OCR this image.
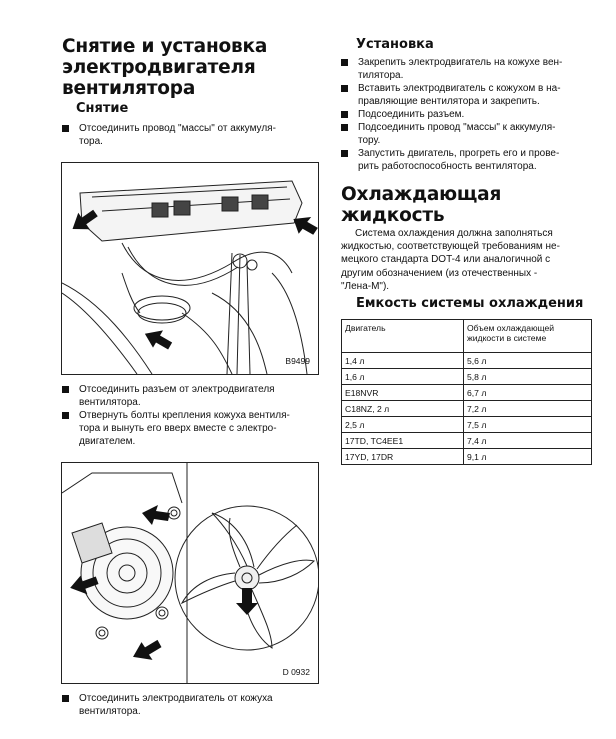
Снятие и установка
электродвигателя
вентилятора
Снятие
Отсоединить провод "массы" от аккумуля-
тора.
B9499
Отсоединить разъем от электродвигателя
вентилятора.
Отвернуть болты крепления кожуха вентиля-
тора и вынуть его вверх вместе с электро-
двигателем.
D 0932
Отсоединить электродвигатель от кожуха
вентилятора.
Установка
Закрепить электродвигатель на кожухе вен-
тилятора.
Вставить электродвигатель с кожухом в на-
правляющие вентилятора и закрепить.
Подсоединить разъем.
Подсоединить провод "массы" к аккумуля-
тору.
Запустить двигатель, прогреть его и прове-
рить работоспособность вентилятора.
Охлаждающая
жидкость
Система охлаждения должна заполняться
жидкостью, соответствующей требованиям не-
мецкого стандарта DOT-4 или аналогичной с
другим обозначением (из отечественных -
"Лена-М").
Емкость системы охлаждения
Двигатель	Объем охлаждающей жидкости в системе
1,4 л	5,6 л
1,6 л	5,8 л
E18NVR	6,7 л
C18NZ, 2 л	7,2 л
2,5 л	7,5 л
17TD, TC4EE1	7,4 л
17YD, 17DR	9,1 л
